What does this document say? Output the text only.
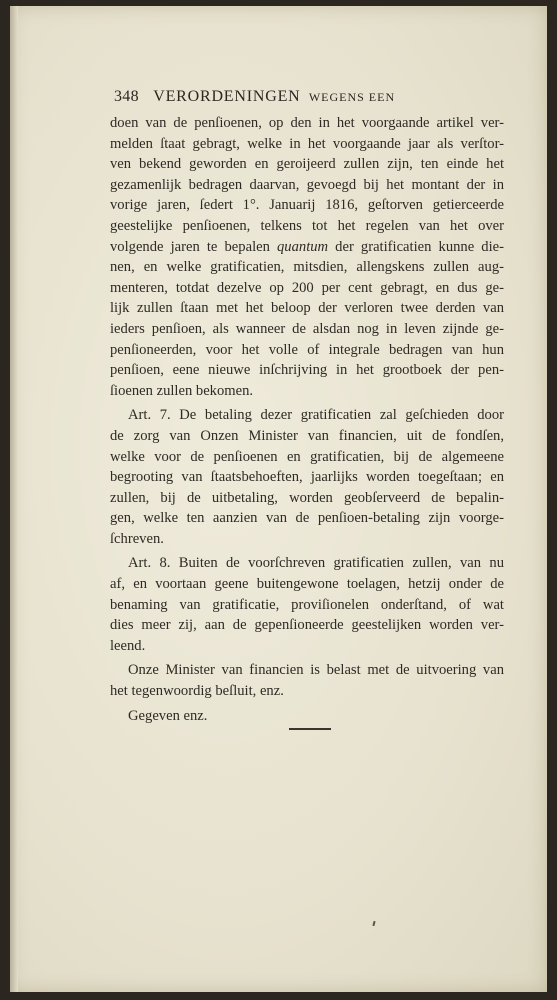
348 VERORDENINGEN WEGENS EEN
doen van de penſioenen, op den in het voorgaande artikel ver-
melden ſtaat gebragt, welke in het voorgaande jaar als verſtor-
ven bekend geworden en geroijeerd zullen zijn, ten einde het
gezamenlijk bedragen daarvan, gevoegd bij het montant der in
vorige jaren, ſedert 1°. Januarij 1816, geſtorven getierceerde
geestelijke penſioenen, telkens tot het regelen van het over
volgende jaren te bepalen quantum der gratificatien kunne die-
nen, en welke gratificatien, mitsdien, allengskens zullen aug-
menteren, totdat dezelve op 200 per cent gebragt, en dus ge-
lijk zullen ſtaan met het beloop der verloren twee derden van
ieders penſioen, als wanneer de alsdan nog in leven zijnde ge-
penſioneerden, voor het volle of integrale bedragen van hun
penſioen, eene nieuwe inſchrijving in het grootboek der pen-
ſioenen zullen bekomen.
Art. 7. De betaling dezer gratificatien zal geſchieden door
de zorg van Onzen Minister van financien, uit de fondſen,
welke voor de penſioenen en gratificatien, bij de algemeene
begrooting van ſtaatsbehoeften, jaarlijks worden toegeſtaan; en
zullen, bij de uitbetaling, worden geobſerveerd de bepalin-
gen, welke ten aanzien van de penſioen-betaling zijn voorge-
ſchreven.
Art. 8. Buiten de voorſchreven gratificatien zullen, van nu
af, en voortaan geene buitengewone toelagen, hetzij onder de
benaming van gratificatie, proviſionelen onderſtand, of wat
dies meer zij, aan de gepenſioneerde geestelijken worden ver-
leend.
Onze Minister van financien is belast met de uitvoering van
het tegenwoordig beſluit, enz.
Gegeven enz.
